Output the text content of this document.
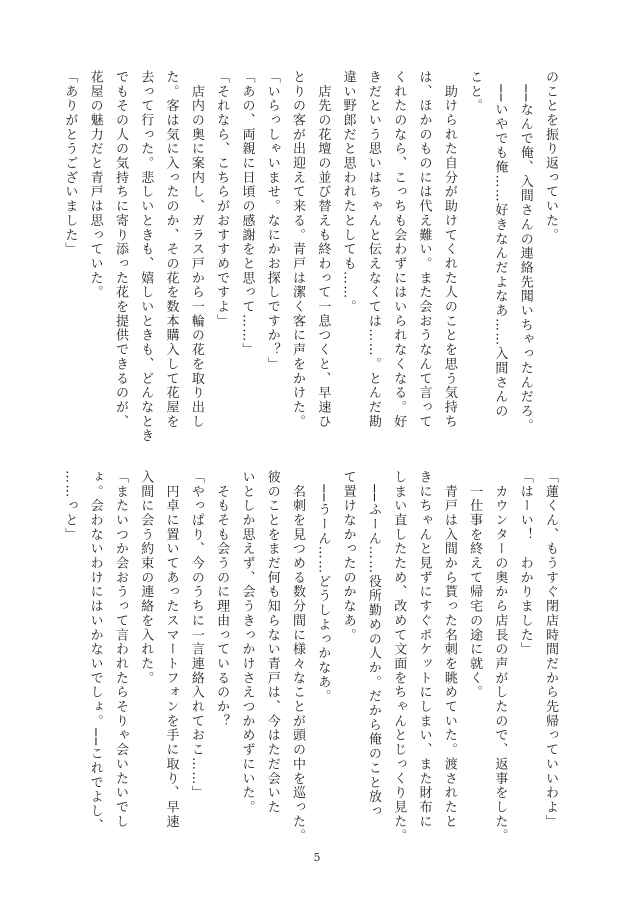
のことを振り返っていた。
　──なんで俺、入間さんの連絡先聞いちゃったんだろ。
　──いやでも俺……好きなんだよなあ……入間さんの
こと。
　助けられた自分が助けてくれた人のことを思う気持ち
は、ほかのものには代え難い。また会おうなんて言って
くれたのなら、こっちも会わずにはいられなくなる。好
きだという思いはちゃんと伝えなくては……。とんだ勘
違い野郎だと思われたとしても……。
　店先の花壇の並び替えも終わって一息つくと、早速ひ
とりの客が出迎えて来る。青戸は潔く客に声をかけた。
「いらっしゃいませ。なにかお探しですか？」
「あの、両親に日頃の感謝をと思って……」
「それなら、こちらがおすすめですよ」
　店内の奥に案内し、ガラス戸から一輪の花を取り出し
た。客は気に入ったのか、その花を数本購入して花屋を
去って行った。悲しいときも、嬉しいときも、どんなとき
でもその人の気持ちに寄り添った花を提供できるのが、
花屋の魅力だと青戸は思っていた。
「ありがとうございました」
「蓮くん、もうすぐ閉店時間だから先帰っていいわよ」
「はーい！　わかりました」
　カウンターの奥から店長の声がしたので、返事をした。
　一仕事を終えて帰宅の途に就く。
　青戸は入間から貰った名刺を眺めていた。渡されたと
きにちゃんと見ずにすぐポケットにしまい、また財布に
しまい直したため、改めて文面をちゃんとじっくり見た。
　──ふーん……役所勤めの人か。だから俺のこと放っ
て置けなかったのかなあ。
　──うーん……どうしよっかなあ。
　名刺を見つめる数分間に様々なことが頭の中を巡った。
彼のことをまだ何も知らない青戸は、今はただ会いた
いとしか思えず、会うきっかけさえつかめずにいた。
　そもそも会うのに理由っているのか？
「やっぱり、今のうちに一言連絡入れておこ……」
　円卓に置いてあったスマートフォンを手に取り、早速
入間に会う約束の連絡を入れた。
「またいつか会おうって言われたらそりゃ会いたいでし
ょ。会わないわけにはいかないでしょ。──これでよし、
……っと」
5
